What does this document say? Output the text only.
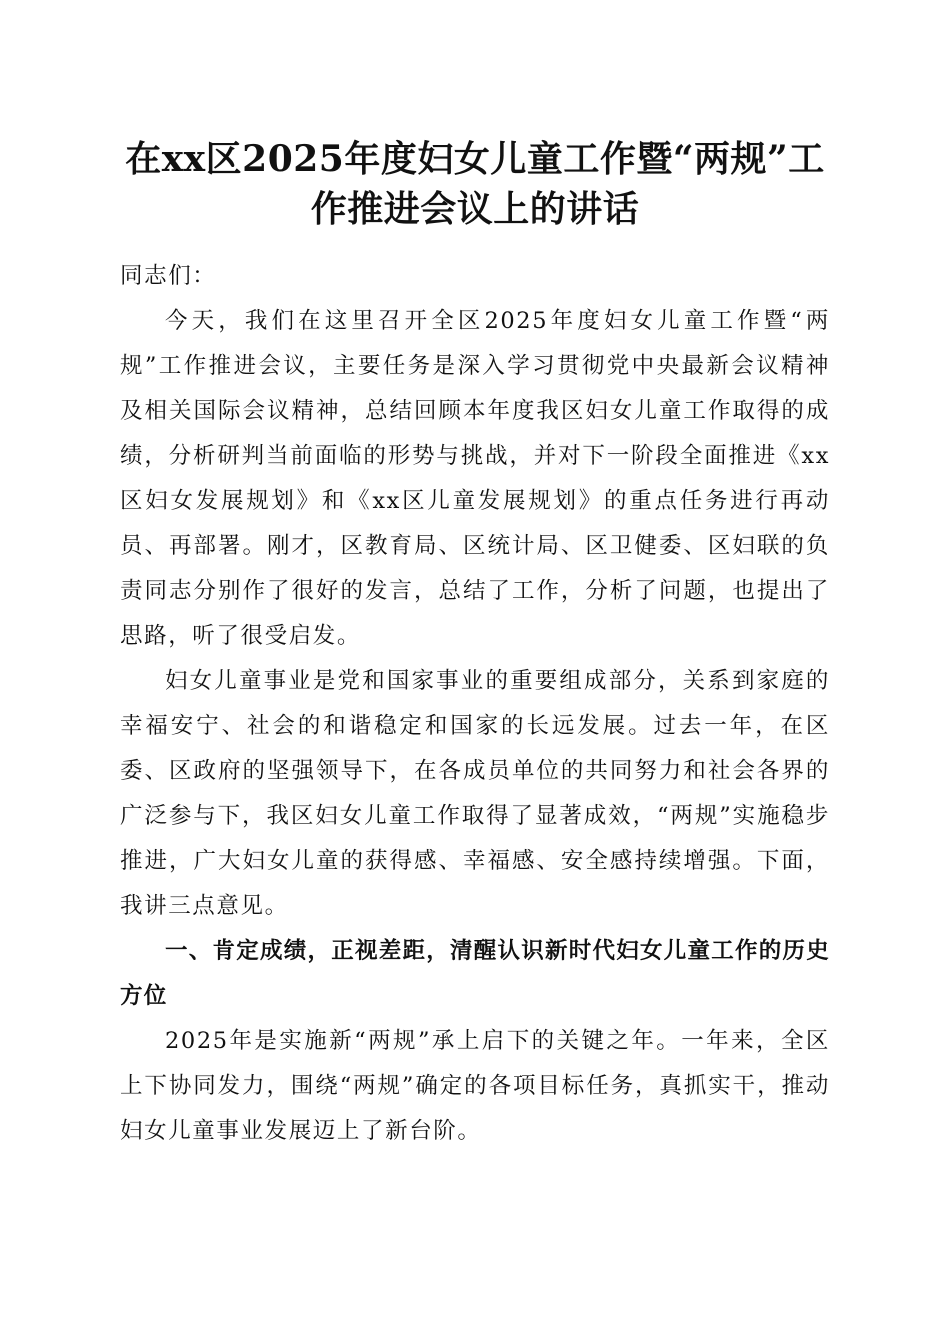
在xx区2025年度妇女儿童工作暨“两规”工
作推进会议上的讲话

同志们：

今天，我们在这里召开全区2025年度妇女儿童工作暨“两规”工作推进会议，主要任务是深入学习贯彻党中央最新会议精神及相关国际会议精神，总结回顾本年度我区妇女儿童工作取得的成绩，分析研判当前面临的形势与挑战，并对下一阶段全面推进《xx区妇女发展规划》和《xx区儿童发展规划》的重点任务进行再动员、再部署。刚才，区教育局、区统计局、区卫健委、区妇联的负责同志分别作了很好的发言，总结了工作，分析了问题，也提出了思路，听了很受启发。

妇女儿童事业是党和国家事业的重要组成部分，关系到家庭的幸福安宁、社会的和谐稳定和国家的长远发展。过去一年，在区委、区政府的坚强领导下，在各成员单位的共同努力和社会各界的广泛参与下，我区妇女儿童工作取得了显著成效，“两规”实施稳步推进，广大妇女儿童的获得感、幸福感、安全感持续增强。下面，我讲三点意见。

一、肯定成绩，正视差距，清醒认识新时代妇女儿童工作的历史方位

2025年是实施新“两规”承上启下的关键之年。一年来，全区上下协同发力，围绕“两规”确定的各项目标任务，真抓实干，推动妇女儿童事业发展迈上了新台阶。
